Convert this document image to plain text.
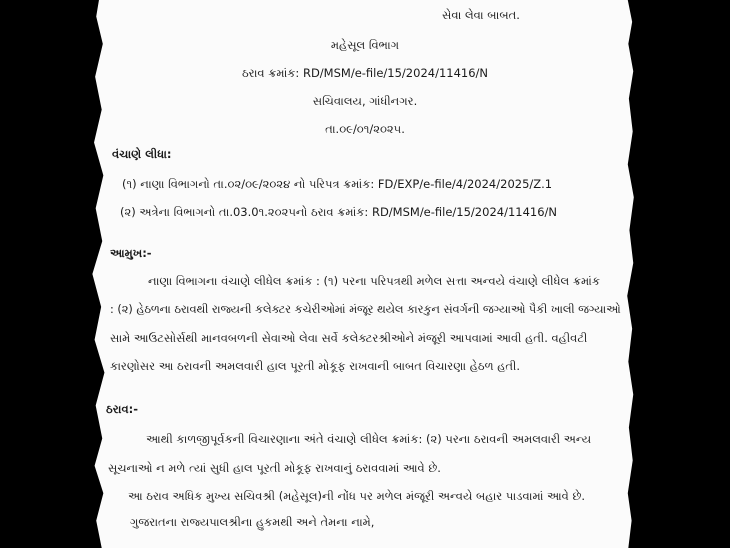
સેવા લેવા બાબત.
મહેસૂલ વિભાગ
ઠરાવ ક્રમાંક: RD/MSM/e-file/15/2024/11416/N
સચિવાલય, ગાંધીનગર.
તા.૦૯/૦૧/૨૦૨૫.
વંચાણે લીધા:
(૧) નાણા વિભાગનો તા.૦૨/૦૯/૨૦૨૪ નો પરિપત્ર ક્રમાંક: FD/EXP/e-file/4/2024/2025/Z.1
(૨) અત્રેના વિભાગનો તા.03.0૧.૨૦૨૫નો ઠરાવ ક્રમાંક: RD/MSM/e-file/15/2024/11416/N
આમુખ:-
નાણા વિભાગના વંચાણે લીધેલ ક્રમાંક : (૧) પરના પરિપત્રથી મળેલ સત્તા અન્વયે વંચાણે લીધેલ ક્રમાંક
: (૨) હેઠળના ઠરાવથી રાજ્યની કલેક્ટર કચેરીઓમાં મંજૂર થયેલ કારકુન સંવર્ગની જગ્યાઓ પૈકી ખાલી જગ્યાઓ
સામે આઉટસોર્સથી માનવબળની સેવાઓ લેવા સર્વે કલેક્ટરશ્રીઓને મંજૂરી આપવામાં આવી હતી. વહીવટી
કારણોસર આ ઠરાવની અમલવારી હાલ પૂરતી મોકૂફ રાખવાની બાબત વિચારણા હેઠળ હતી.
ઠરાવ:-
આથી કાળજીપૂર્વકની વિચારણાના અંતે વંચાણે લીધેલ ક્રમાંક: (૨) પરના ઠરાવની અમલવારી અન્ય
સૂચનાઓ ન મળે ત્યાં સુધી હાલ પૂરતી મોકૂફ રાખવાનું ઠરાવવામાં આવે છે.
આ ઠરાવ અધિક મુખ્ય સચિવશ્રી (મહેસૂલ)ની નોંધ પર મળેલ મંજૂરી અન્વયે બહાર પાડવામાં આવે છે.
ગુજરાતના રાજ્યપાલશ્રીના હુકમથી અને તેમના નામે,
